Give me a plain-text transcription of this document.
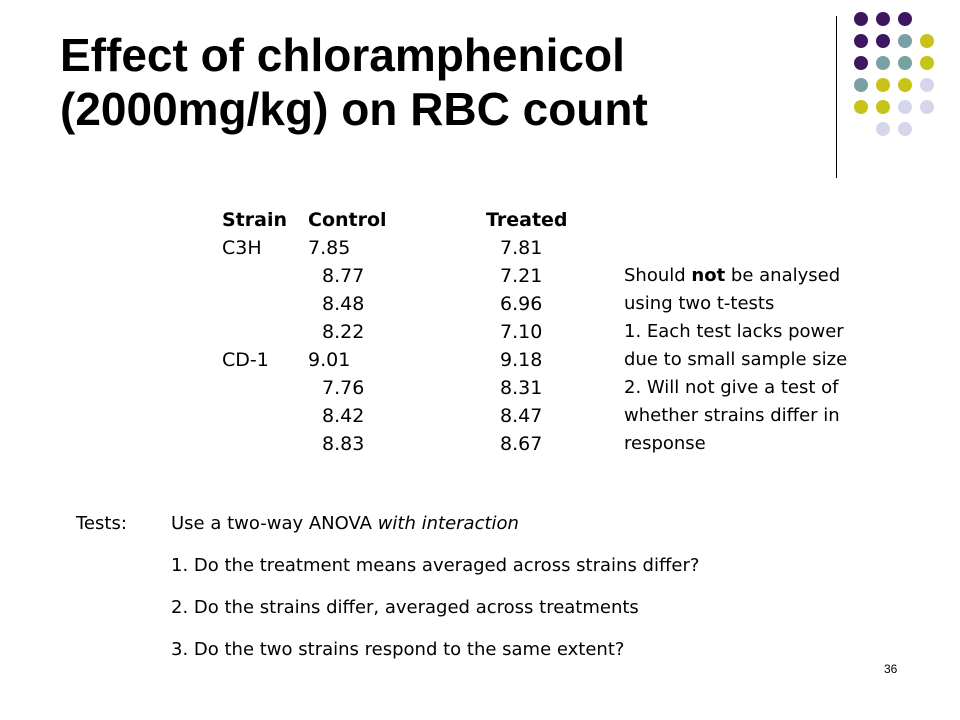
Effect of chloramphenicol
(2000mg/kg) on RBC count
Strain	Control	Treated
C3H	7.85	7.81
	8.77	7.21
	8.48	6.96
	8.22	7.10
CD-1	9.01	9.18
	7.76	8.31
	8.42	8.47
	8.83	8.67
Should not be analysed
using two t-tests
1. Each test lacks power
due to small sample size
2. Will not give a test of
whether strains differ in
response
Tests: Use a two-way ANOVA with interaction
1. Do the treatment means averaged across strains differ?
2. Do the strains differ, averaged across treatments
3. Do the two strains respond to the same extent?
36
